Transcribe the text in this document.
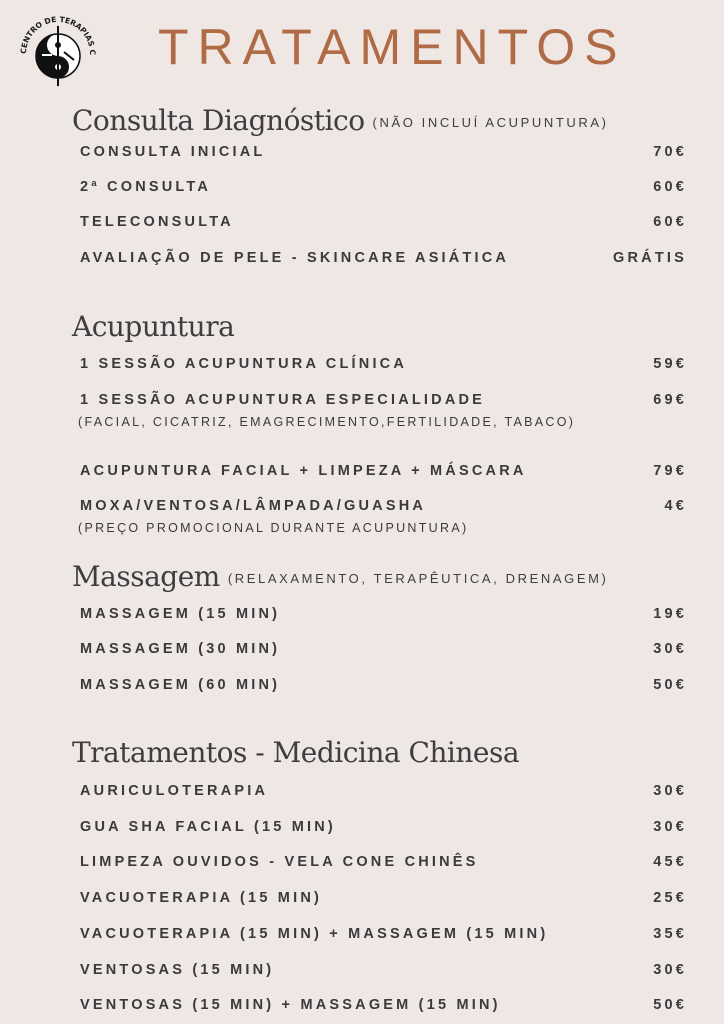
CENTRO DE TERAPIAS C TRATAMENTOS
Consulta Diagnóstico (NÃO INCLUÍ ACUPUNTURA)
CONSULTA INICIAL	70€
2ª CONSULTA	60€
TELECONSULTA	60€
AVALIAÇÃO DE PELE - SKINCARE ASIÁTICA	GRÁTIS
Acupuntura
1 SESSÃO ACUPUNTURA CLÍNICA	59€
1 SESSÃO ACUPUNTURA ESPECIALIDADE	69€
(FACIAL, CICATRIZ, EMAGRECIMENTO,FERTILIDADE, TABACO)
ACUPUNTURA FACIAL + LIMPEZA + MÁSCARA	79€
MOXA/VENTOSA/LÂMPADA/GUASHA	4€
(PREÇO PROMOCIONAL DURANTE ACUPUNTURA)
Massagem (RELAXAMENTO, TERAPÊUTICA, DRENAGEM)
MASSAGEM (15 MIN)	19€
MASSAGEM (30 MIN)	30€
MASSAGEM (60 MIN)	50€
Tratamentos - Medicina Chinesa
AURICULOTERAPIA	30€
GUA SHA FACIAL (15 MIN)	30€
LIMPEZA OUVIDOS - VELA CONE CHINÊS	45€
VACUOTERAPIA (15 MIN)	25€
VACUOTERAPIA (15 MIN) + MASSAGEM (15 MIN)	35€
VENTOSAS (15 MIN)	30€
VENTOSAS (15 MIN) + MASSAGEM (15 MIN)	50€
